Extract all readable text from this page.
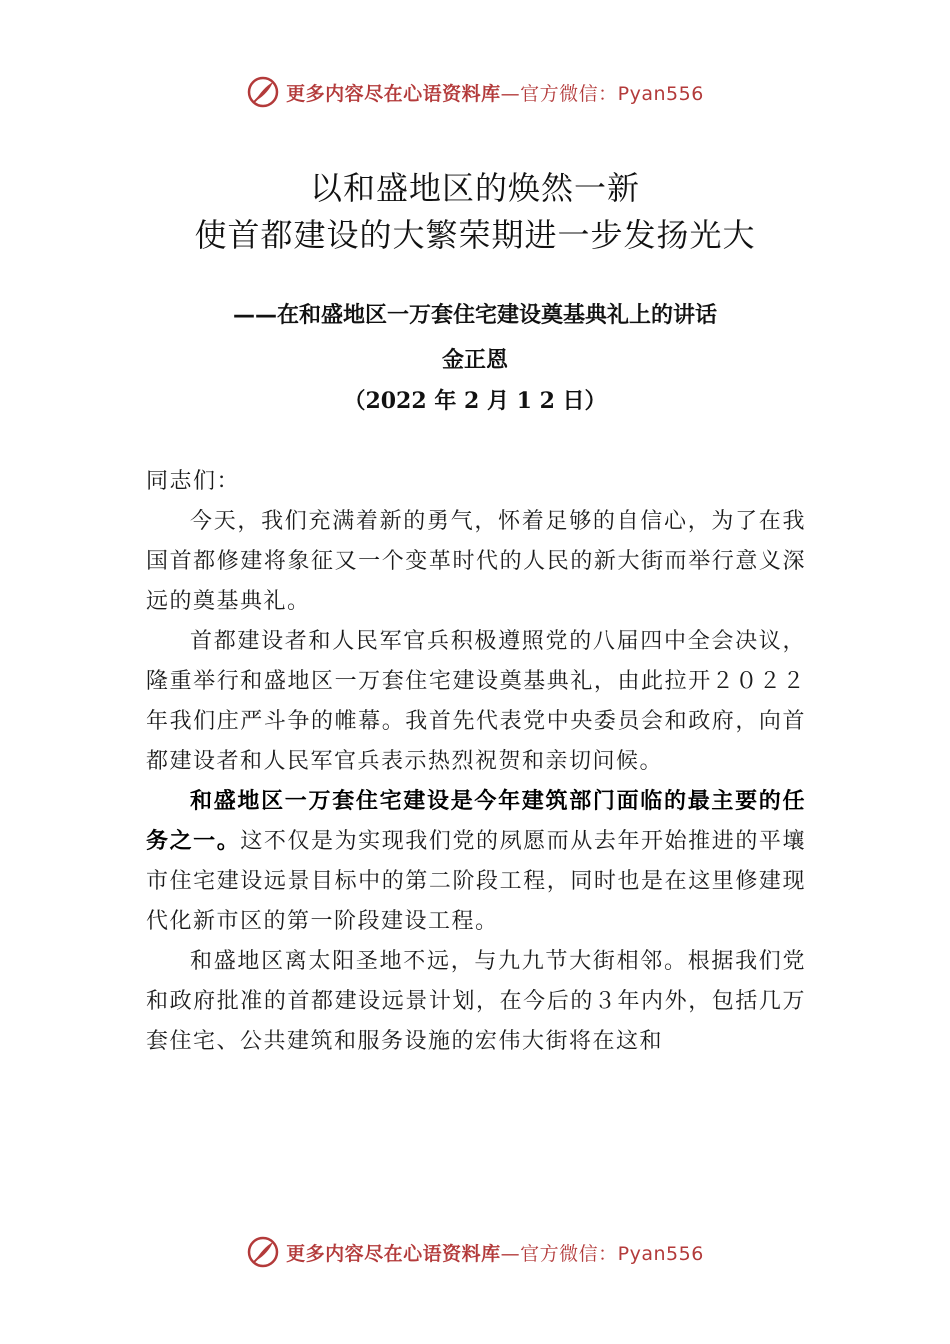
更多内容尽在心语资料库—官方微信：Pyan556
以和盛地区的焕然一新
使首都建设的大繁荣期进一步发扬光大
——在和盛地区一万套住宅建设奠基典礼上的讲话
金正恩
（2022 年 2 月 1 2 日）

同志们：

今天，我们充满着新的勇气，怀着足够的自信心，为了在我国首都修建将象征又一个变革时代的人民的新大街而举行意义深远的奠基典礼。

首都建设者和人民军官兵积极遵照党的八届四中全会决议，隆重举行和盛地区一万套住宅建设奠基典礼，由此拉开２０２２年我们庄严斗争的帷幕。我首先代表党中央委员会和政府，向首都建设者和人民军官兵表示热烈祝贺和亲切问候。

和盛地区一万套住宅建设是今年建筑部门面临的最主要的任务之一。这不仅是为实现我们党的夙愿而从去年开始推进的平壤市住宅建设远景目标中的第二阶段工程，同时也是在这里修建现代化新市区的第一阶段建设工程。

和盛地区离太阳圣地不远，与九九节大街相邻。根据我们党和政府批准的首都建设远景计划，在今后的３年内外，包括几万套住宅、公共建筑和服务设施的宏伟大街将在这和

更多内容尽在心语资料库—官方微信：Pyan556
